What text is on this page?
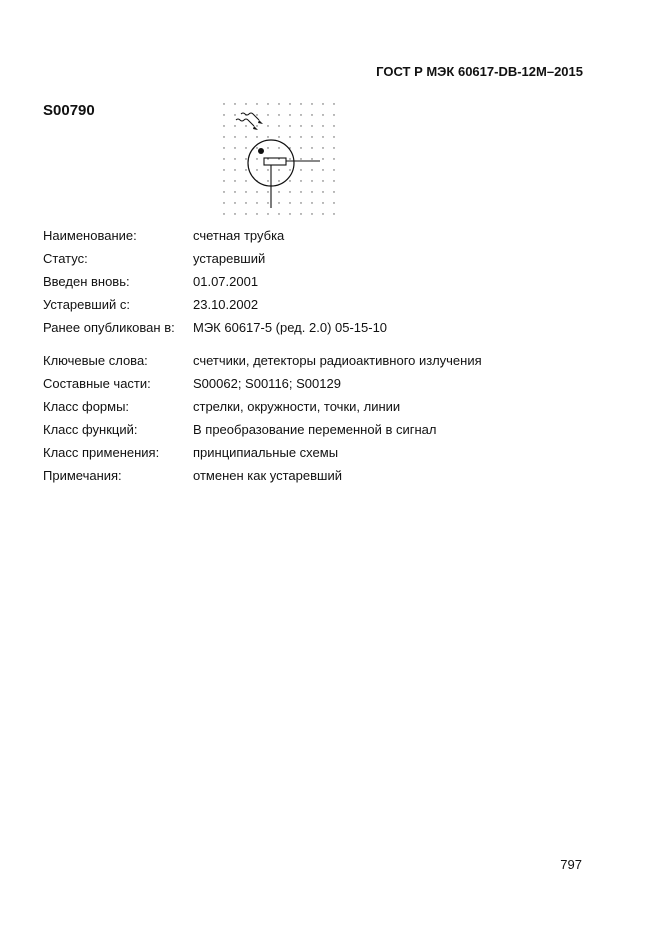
ГОСТ Р МЭК 60617-DB-12M–2015
S00790
Наименование:	счетная трубка
Статус:	устаревший
Введен вновь:	01.07.2001
Устаревший с:	23.10.2002
Ранее опубликован в: МЭК 60617-5 (ред. 2.0) 05-15-10
Ключевые слова:	счетчики, детекторы радиоактивного излучения
Составные части:	S00062; S00116; S00129
Класс формы:	стрелки, окружности, точки, линии
Класс функций:	В преобразование переменной в сигнал
Класс применения:	принципиальные схемы
Примечания:	отменен как устаревший
797
